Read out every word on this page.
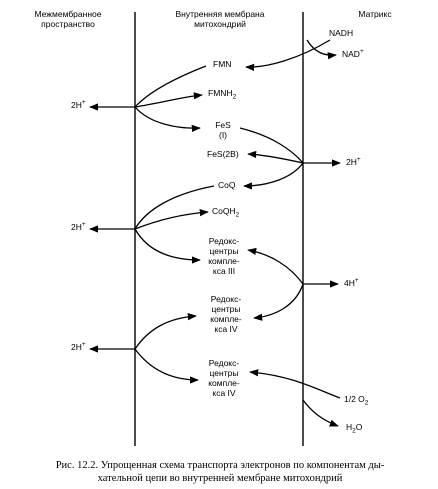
Межмембранное
пространство
Внутренняя мембрана
митохондрий
Матрикс
NADH
NAD+
FMN
$FMNH_2$
FeS
(I)
FeS(2B)
CoQ
CoQH$_2$
Редокс-
центры
компле-
кса III
Редокс-
центры
компле-
кса IV
Редокс-
центры
компле-
кса IV
1/2 $O_2$
$H_2O$
2H+
2H+
2H+
2H+
4H+
Рис. 12.2. Упрощенная схема транспорта электронов по компонентам ды-
хательной цепи во внутренней мембране митохондрий
